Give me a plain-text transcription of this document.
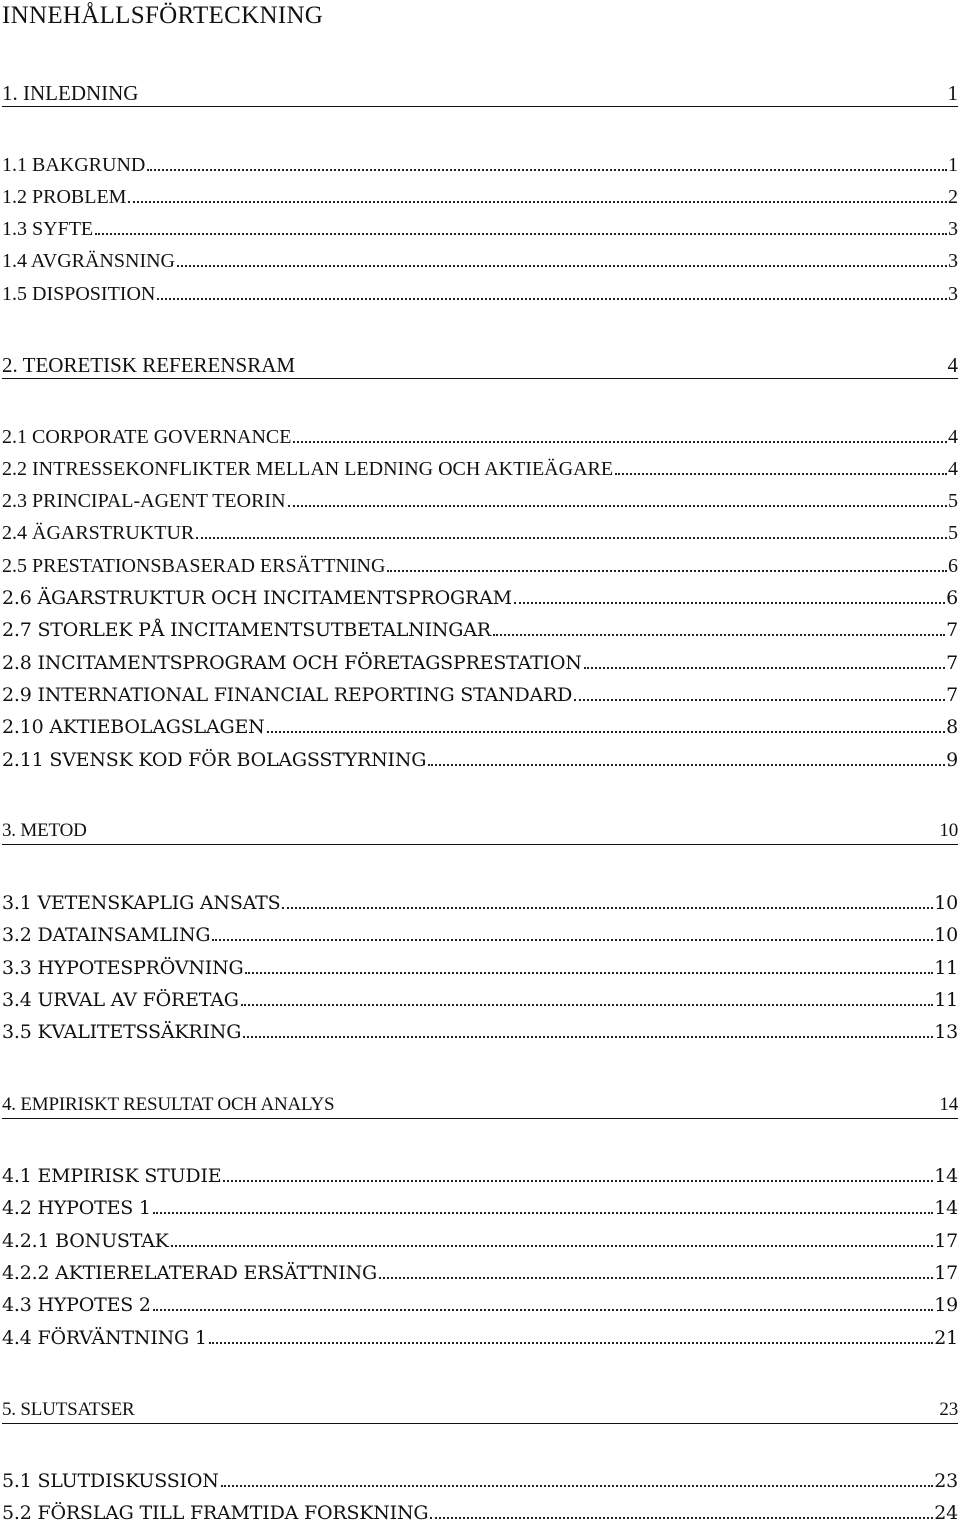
INNEHÅLLSFÖRTECKNING
1. INLEDNING	1
1.1 BAKGRUND	1
1.2 PROBLEM	2
1.3 SYFTE	3
1.4 AVGRÄNSNING	3
1.5 DISPOSITION	3
2. TEORETISK REFERENSRAM	4
2.1 CORPORATE GOVERNANCE	4
2.2 INTRESSEKONFLIKTER MELLAN LEDNING OCH AKTIEÄGARE	4
2.3 PRINCIPAL-AGENT TEORIN	5
2.4 ÄGARSTRUKTUR	5
2.5 PRESTATIONSBASERAD ERSÄTTNING	6
2.6 ÄGARSTRUKTUR OCH INCITAMENTSPROGRAM	6
2.7 STORLEK PÅ INCITAMENTSUTBETALNINGAR	7
2.8 INCITAMENTSPROGRAM OCH FÖRETAGSPRESTATION	7
2.9 INTERNATIONAL FINANCIAL REPORTING STANDARD	7
2.10 AKTIEBOLAGSLAGEN	8
2.11 SVENSK KOD FÖR BOLAGSSTYRNING	9
3. METOD	10
3.1 VETENSKAPLIG ANSATS	10
3.2 DATAINSAMLING	10
3.3 HYPOTESPRÖVNING	11
3.4 URVAL AV FÖRETAG	11
3.5 KVALITETSSÄKRING	13
4. EMPIRISKT RESULTAT OCH ANALYS	14
4.1 EMPIRISK STUDIE	14
4.2 HYPOTES 1	14
4.2.1 BONUSTAK	17
4.2.2 AKTIERELATERAD ERSÄTTNING	17
4.3 HYPOTES 2	19
4.4 FÖRVÄNTNING 1	21
5. SLUTSATSER	23
5.1 SLUTDISKUSSION	23
5.2 FÖRSLAG TILL FRAMTIDA FORSKNING	24
